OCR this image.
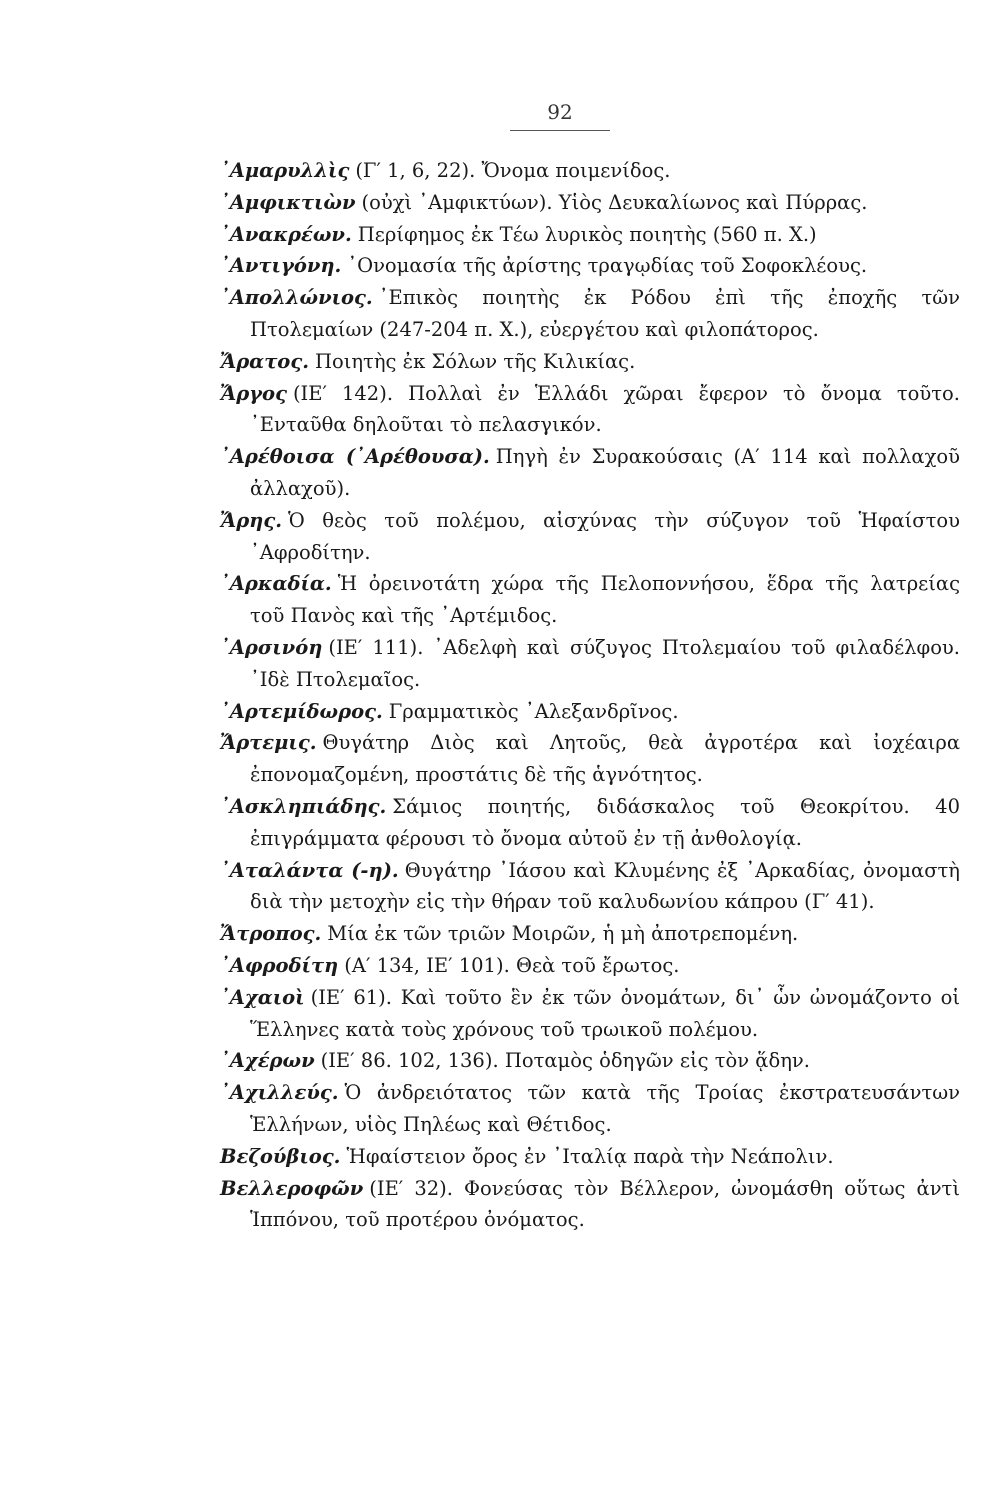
92

᾿Αμαρυλλὶς (Γ′ 1, 6, 22). Ὄνομα ποιμενίδος.

᾿Αμφικτιὼν (οὐχὶ ᾿Αμφικτύων). Υἱὸς Δευκαλίωνος καὶ Πύρρας.

᾿Ανακρέων. Περίφημος ἐκ Τέω λυρικὸς ποιητὴς (560 π. Χ.)

᾿Αντιγόνη. ᾿Ονομασία τῆς ἀρίστης τραγῳδίας τοῦ Σοφοκλέους.

᾿Απολλώνιος. ᾿Επικὸς ποιητὴς ἐκ Ρόδου ἐπὶ τῆς ἐποχῆς τῶν Πτολεμαίων (247-204 π. Χ.), εὐεργέτου καὶ φιλοπάτορος.

Ἄρατος. Ποιητὴς ἐκ Σόλων τῆς Κιλικίας.

Ἄργος (ΙΕ′ 142). Πολλαὶ ἐν Ἑλλάδι χῶραι ἔφερον τὸ ὄνομα τοῦτο. ᾿Ενταῦθα δηλοῦται τὸ πελασγικόν.

᾿Αρέθοισα (᾿Αρέθουσα). Πηγὴ ἐν Συρακούσαις (Α′ 114 καὶ πολλαχοῦ ἀλλαχοῦ).

Ἄρης. Ὁ θεὸς τοῦ πολέμου, αἰσχύνας τὴν σύζυγον τοῦ Ἡφαίστου ᾿Αφροδίτην.

᾿Αρκαδία. Ἡ ὀρεινοτάτη χώρα τῆς Πελοποννήσου, ἕδρα τῆς λατρείας τοῦ Πανὸς καὶ τῆς ᾿Αρτέμιδος.

᾿Αρσινόη (ΙΕ′ 111). ᾿Αδελφὴ καὶ σύζυγος Πτολεμαίου τοῦ φιλαδέλφου. ᾿Ιδὲ Πτολεμαῖος.

᾿Αρτεμίδωρος. Γραμματικὸς ᾿Αλεξανδρῖνος.

Ἄρτεμις. Θυγάτηρ Διὸς καὶ Λητοῦς, θεὰ ἀγροτέρα καὶ ἰοχέαιρα ἐπονομαζομένη, προστάτις δὲ τῆς ἁγνότητος.

᾿Ασκληπιάδης. Σάμιος ποιητής, διδάσκαλος τοῦ Θεοκρίτου. 40 ἐπιγράμματα φέρουσι τὸ ὄνομα αὐτοῦ ἐν τῇ ἀνθολογίᾳ.

᾿Αταλάντα (-η). Θυγάτηρ ᾿Ιάσου καὶ Κλυμένης ἐξ ᾿Αρκαδίας, ὀνομαστὴ διὰ τὴν μετοχὴν εἰς τὴν θήραν τοῦ καλυδωνίου κάπρου (Γ′ 41).

Ἄτροπος. Μία ἐκ τῶν τριῶν Μοιρῶν, ἡ μὴ ἀποτρεπομένη.

᾿Αφροδίτη (Α′ 134, ΙΕ′ 101). Θεὰ τοῦ ἔρωτος.

᾿Αχαιοὶ (ΙΕ′ 61). Καὶ τοῦτο ἓν ἐκ τῶν ὀνομάτων, δι᾿ ὧν ὠνομάζοντο οἱ Ἕλληνες κατὰ τοὺς χρόνους τοῦ τρωικοῦ πολέμου.

᾿Αχέρων (ΙΕ′ 86. 102, 136). Ποταμὸς ὁδηγῶν εἰς τὸν ᾅδην.

᾿Αχιλλεύς. Ὁ ἀνδρειότατος τῶν κατὰ τῆς Τροίας ἐκστρατευσάντων Ἑλλήνων, υἱὸς Πηλέως καὶ Θέτιδος.

Βεζούβιος. Ἡφαίστειον ὄρος ἐν ᾿Ιταλίᾳ παρὰ τὴν Νεάπολιν.

Βελλεροφῶν (ΙΕ′ 32). Φονεύσας τὸν Βέλλερον, ὠνομάσθη οὕτως ἀντὶ Ἱππόνου, τοῦ προτέρου ὀνόματος.
